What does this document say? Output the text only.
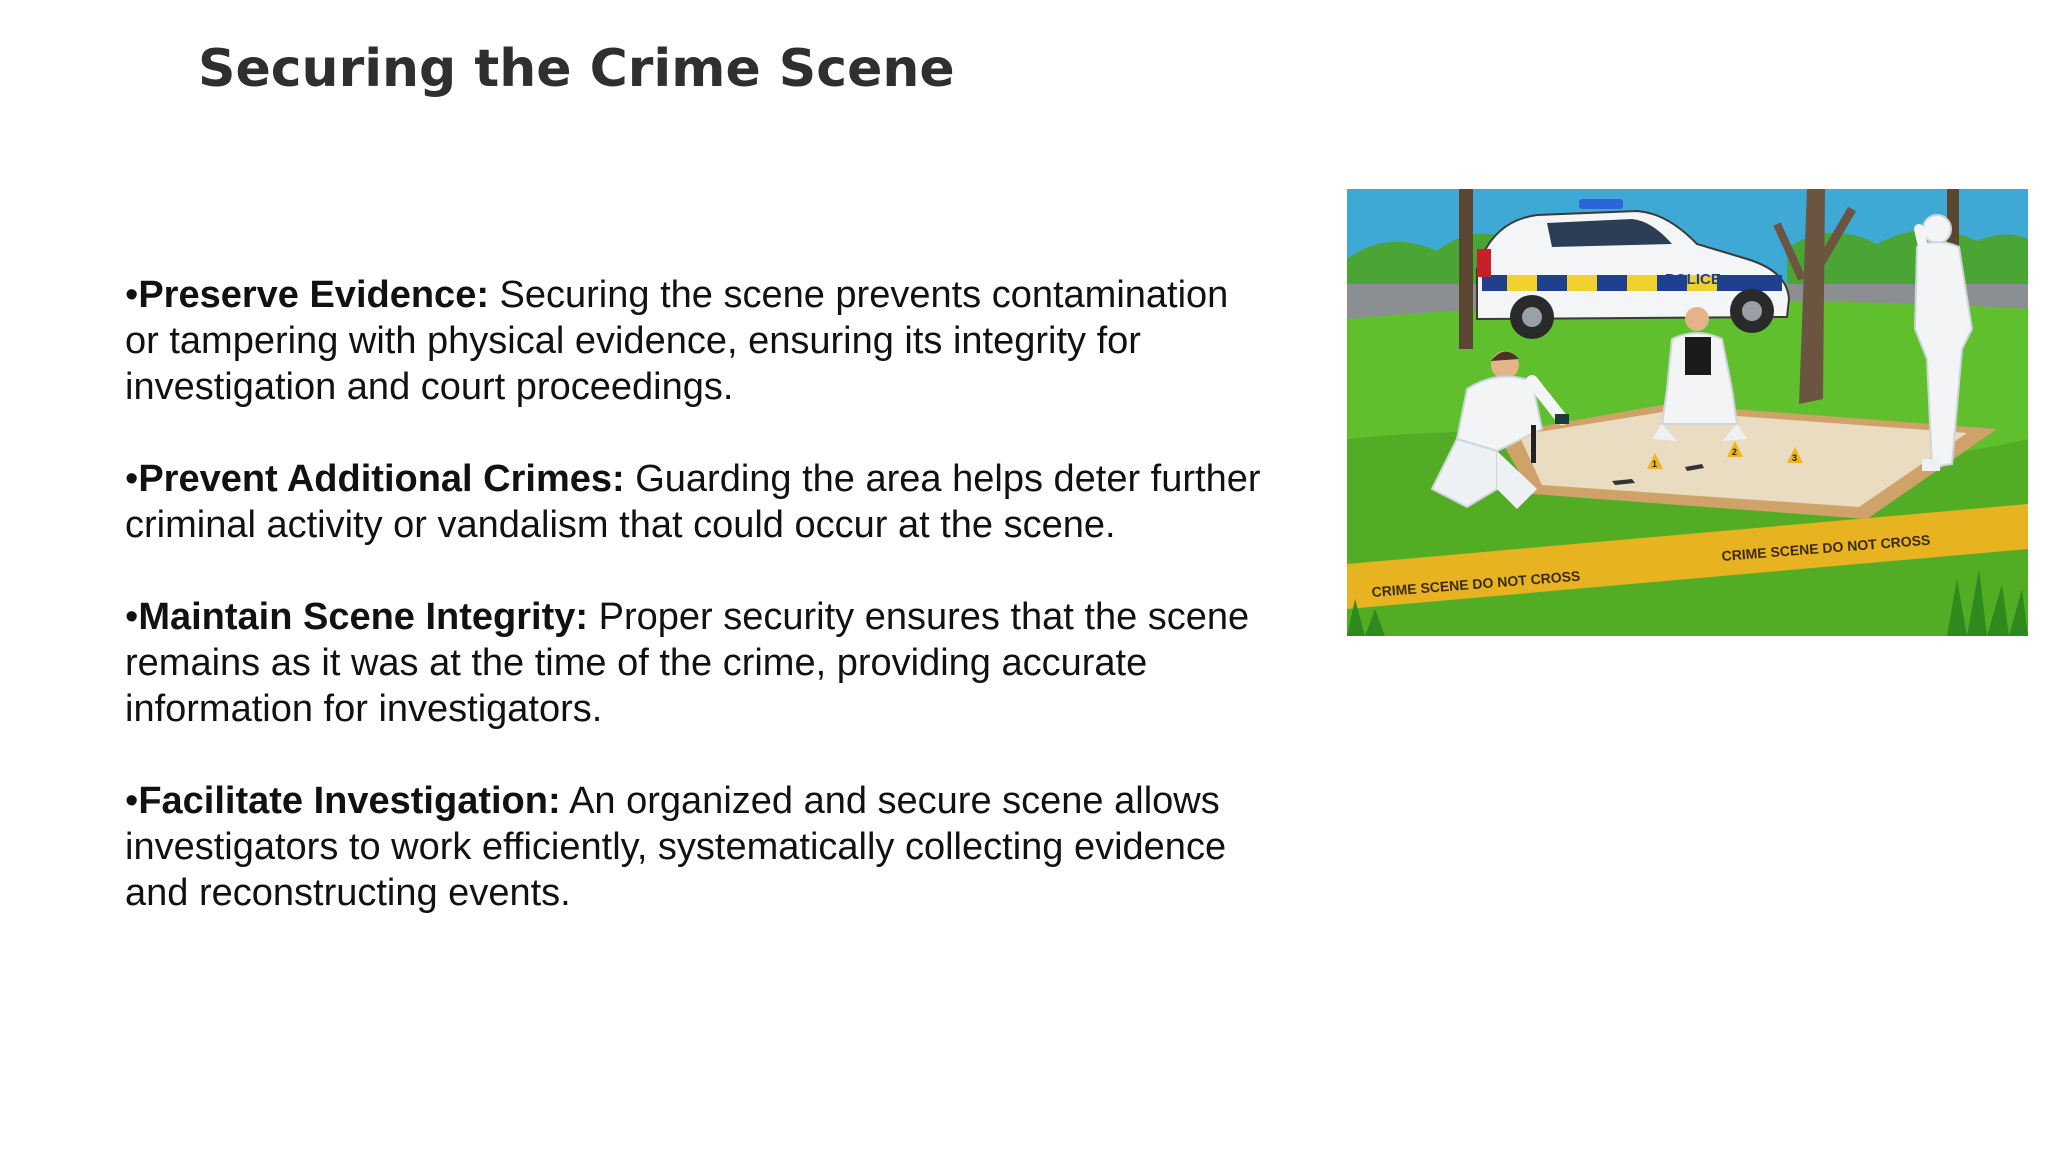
Securing the Crime Scene
•Preserve Evidence: Securing the scene prevents contamination or tampering with physical evidence, ensuring its integrity for investigation and court proceedings.
•Prevent Additional Crimes: Guarding the area helps deter further criminal activity or vandalism that could occur at the scene.
•Maintain Scene Integrity: Proper security ensures that the scene remains as it was at the time of the crime, providing accurate information for investigators.
•Facilitate Investigation: An organized and secure scene allows investigators to work efficiently, systematically collecting evidence and reconstructing events.
POLICE
1
2
3
CRIME SCENE DO NOT CROSS
CRIME SCENE DO NOT CROSS
